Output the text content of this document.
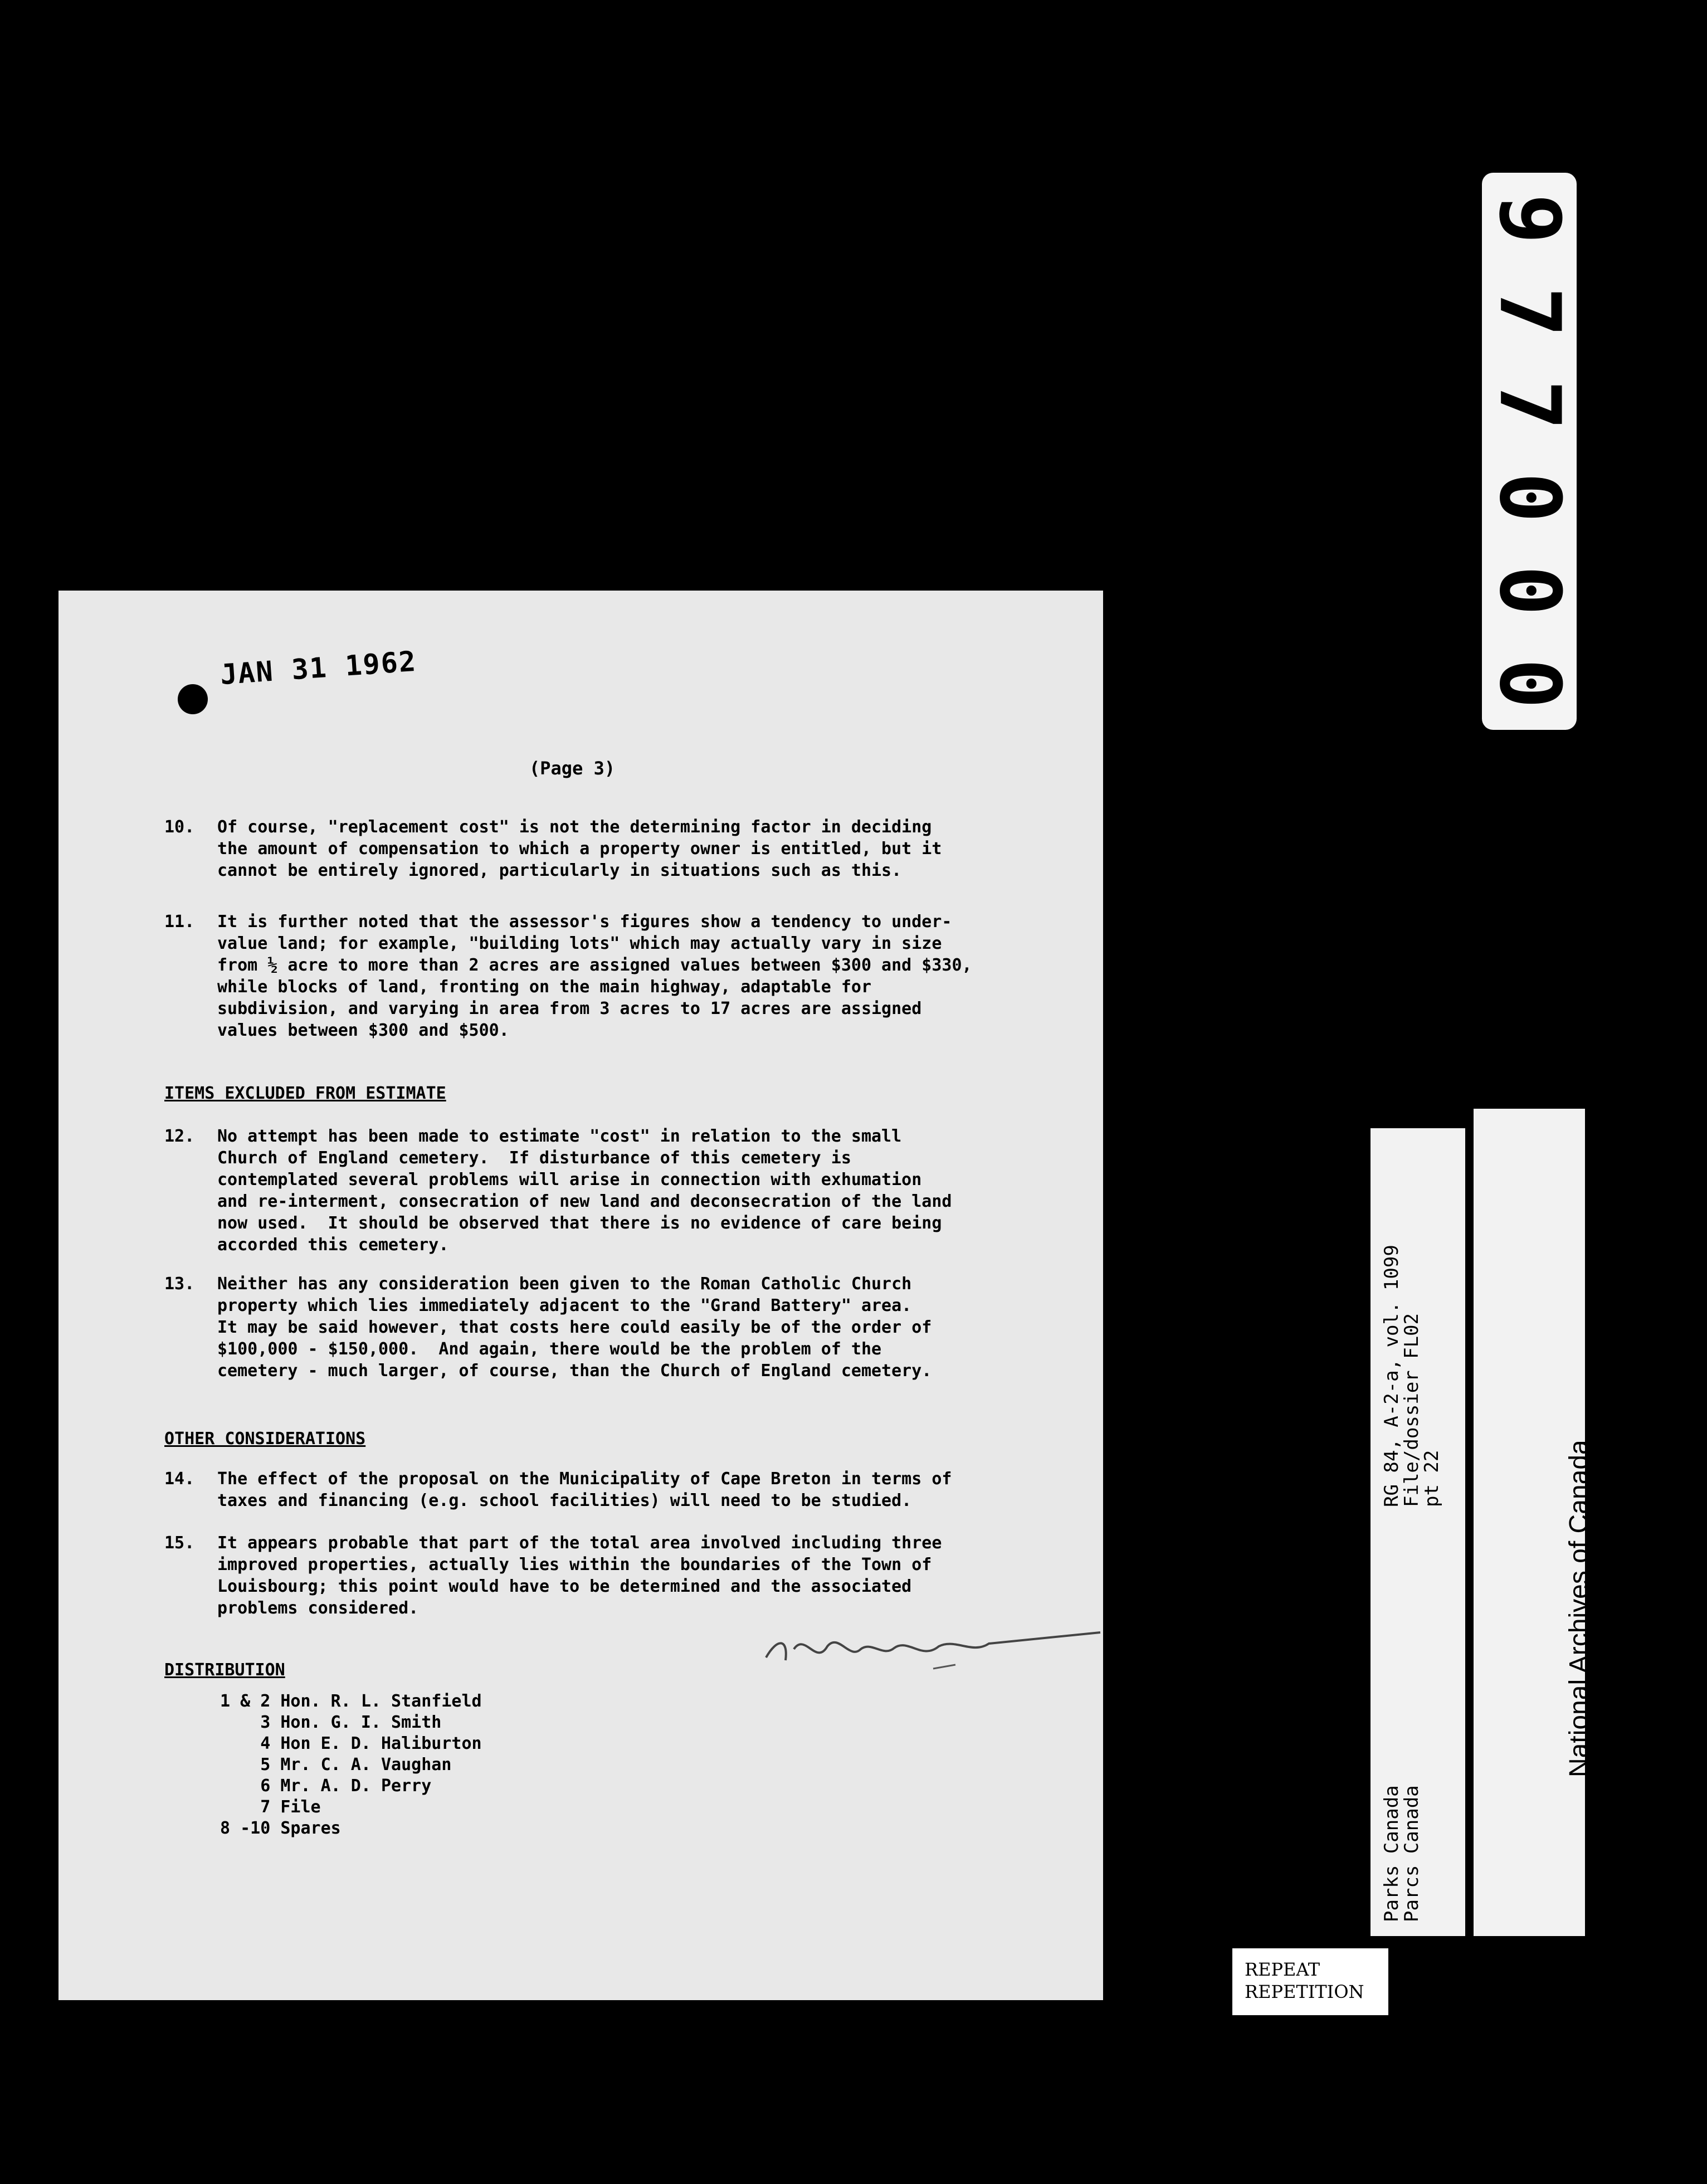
9
7
7
0
0
0
JAN 31 1962
(Page 3)
10. Of course, "replacement cost" is not the determining factor in deciding
the amount of compensation to which a property owner is entitled, but it
cannot be entirely ignored, particularly in situations such as this.
11. It is further noted that the assessor's figures show a tendency to under-
value land; for example, "building lots" which may actually vary in size
from ½ acre to more than 2 acres are assigned values between $300 and $330,
while blocks of land, fronting on the main highway, adaptable for
subdivision, and varying in area from 3 acres to 17 acres are assigned
values between $300 and $500.
ITEMS EXCLUDED FROM ESTIMATE
12. No attempt has been made to estimate "cost" in relation to the small
Church of England cemetery.  If disturbance of this cemetery is
contemplated several problems will arise in connection with exhumation
and re-interment, consecration of new land and deconsecration of the land
now used.  It should be observed that there is no evidence of care being
accorded this cemetery.
13. Neither has any consideration been given to the Roman Catholic Church
property which lies immediately adjacent to the "Grand Battery" area.
It may be said however, that costs here could easily be of the order of
$100,000 - $150,000.  And again, there would be the problem of the
cemetery - much larger, of course, than the Church of England cemetery.
OTHER CONSIDERATIONS
14. The effect of the proposal on the Municipality of Cape Breton in terms of
taxes and financing (e.g. school facilities) will need to be studied.
15. It appears probable that part of the total area involved including three
improved properties, actually lies within the boundaries of the Town of
Louisbourg; this point would have to be determined and the associated
problems considered.
DISTRIBUTION
1 & 2 Hon. R. L. Stanfield
3 Hon. G. I. Smith
4 Hon E. D. Haliburton
5 Mr. C. A. Vaughan
6 Mr. A. D. Perry
7 File
8 -10 Spares

	Parks Canada

Parcs Canada

RG 84, A-2-a, vol. 1099

File/dossier FL02

pt 22

	National Archives of Canada

Archives nationales du Canada

REPEAT
REPETITION
